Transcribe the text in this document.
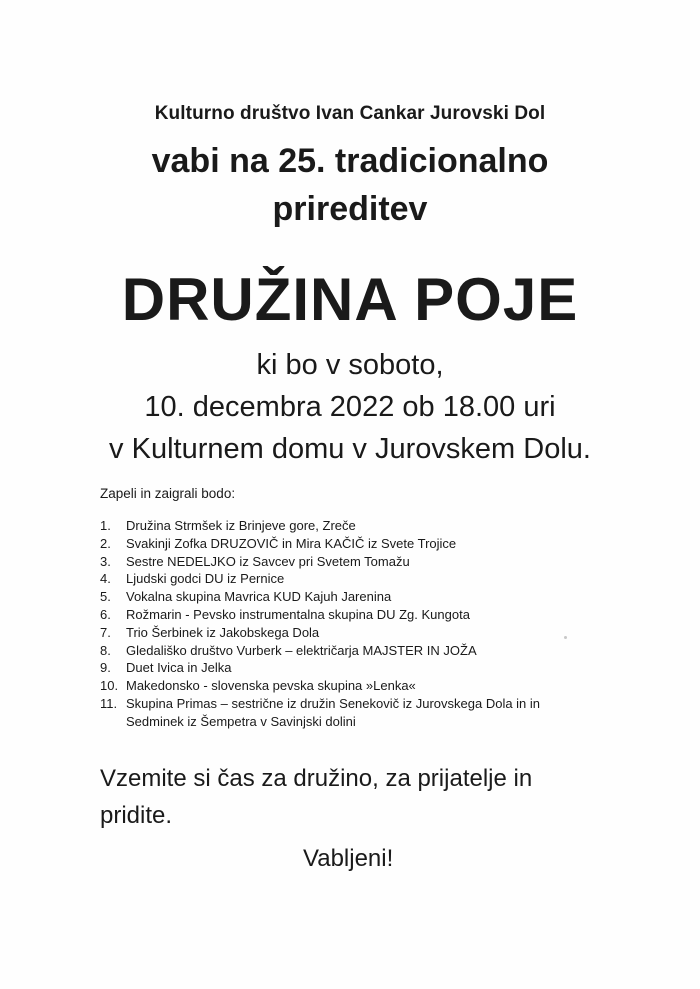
Kulturno društvo Ivan Cankar Jurovski Dol
vabi na 25. tradicionalno
prireditev
DRUŽINA POJE
ki bo v soboto,
10. decembra 2022 ob 18.00 uri
v Kulturnem domu v Jurovskem Dolu.
Zapeli in zaigrali bodo:
1.	Družina Strmšek iz Brinjeve gore, Zreče
2.	Svakinji Zofka DRUZOVIČ in Mira KAČIČ iz Svete Trojice
3.	Sestre NEDELJKO iz Savcev pri Svetem Tomažu
4.	Ljudski godci DU iz Pernice
5.	Vokalna skupina Mavrica KUD Kajuh Jarenina
6.	Rožmarin - Pevsko instrumentalna skupina DU Zg. Kungota
7.	Trio Šerbinek iz Jakobskega Dola
8.	Gledališko društvo Vurberk – električarja MAJSTER IN JOŽA
9.	Duet Ivica in Jelka
10. Makedonsko - slovenska pevska skupina »Lenka«
11. Skupina Primas – sestrične iz družin Senekovič iz Jurovskega Dola in in Sedminek iz Šempetra v Savinjski dolini
Vzemite si čas za družino, za prijatelje in pridite.
Vabljeni!
